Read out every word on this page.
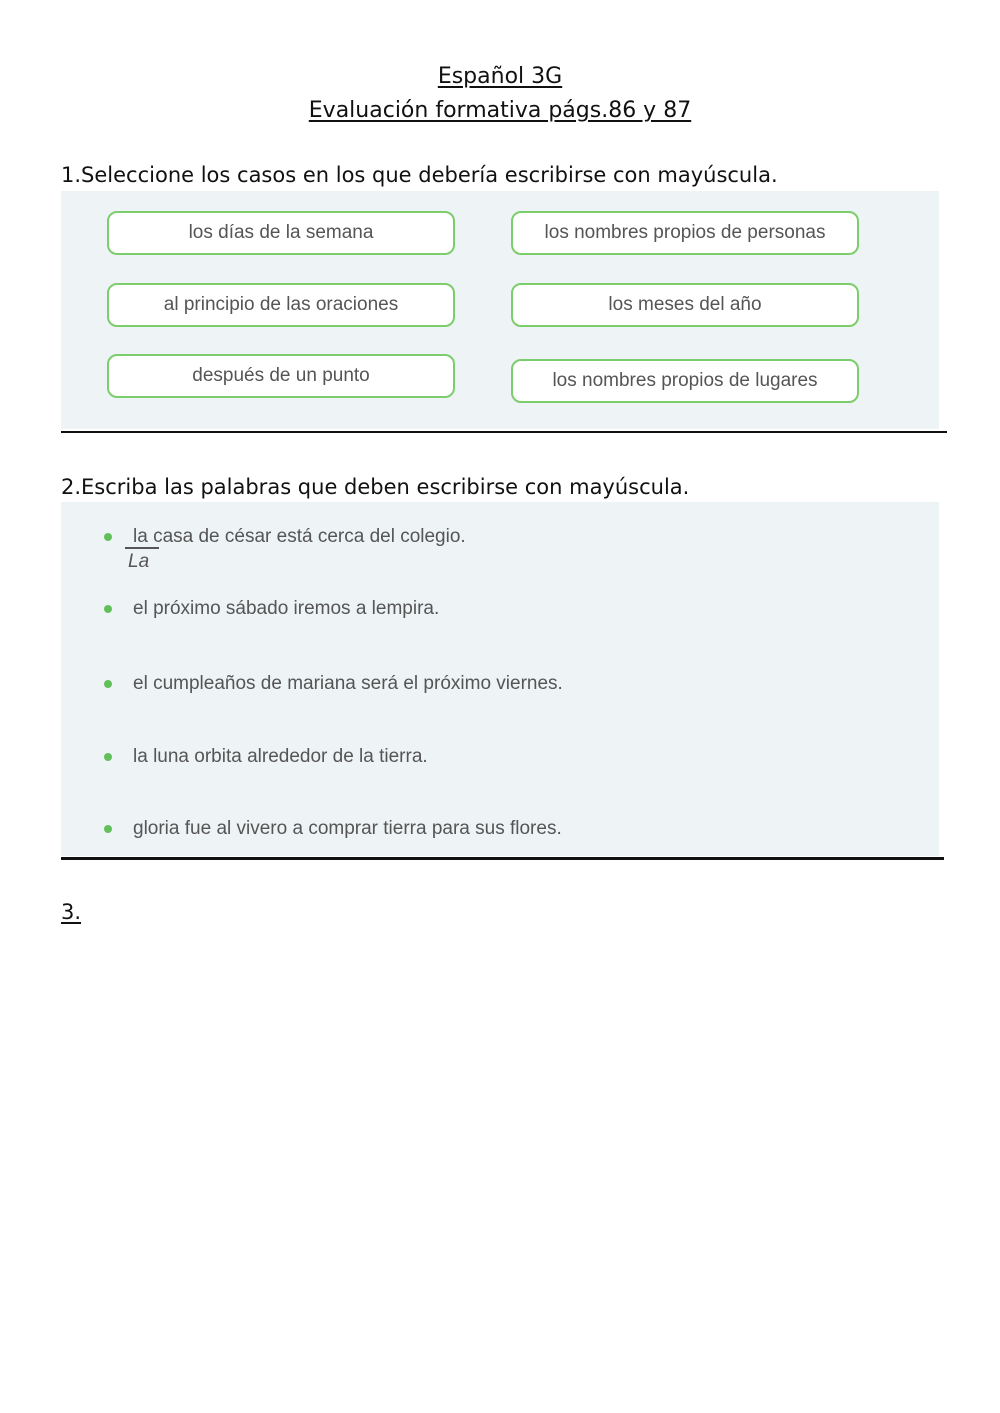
Español 3G
Evaluación formativa págs.86 y 87
1.Seleccione los casos en los que debería escribirse con mayúscula.
los días de la semana	los nombres propios de personas
al principio de las oraciones	los meses del año
después de un punto	los nombres propios de lugares
2.Escriba las palabras que deben escribirse con mayúscula.
la casa de césar está cerca del colegio.
La
el próximo sábado iremos a lempira.
el cumpleaños de mariana será el próximo viernes.
la luna orbita alrededor de la tierra.
gloria fue al vivero a comprar tierra para sus flores.
3.
